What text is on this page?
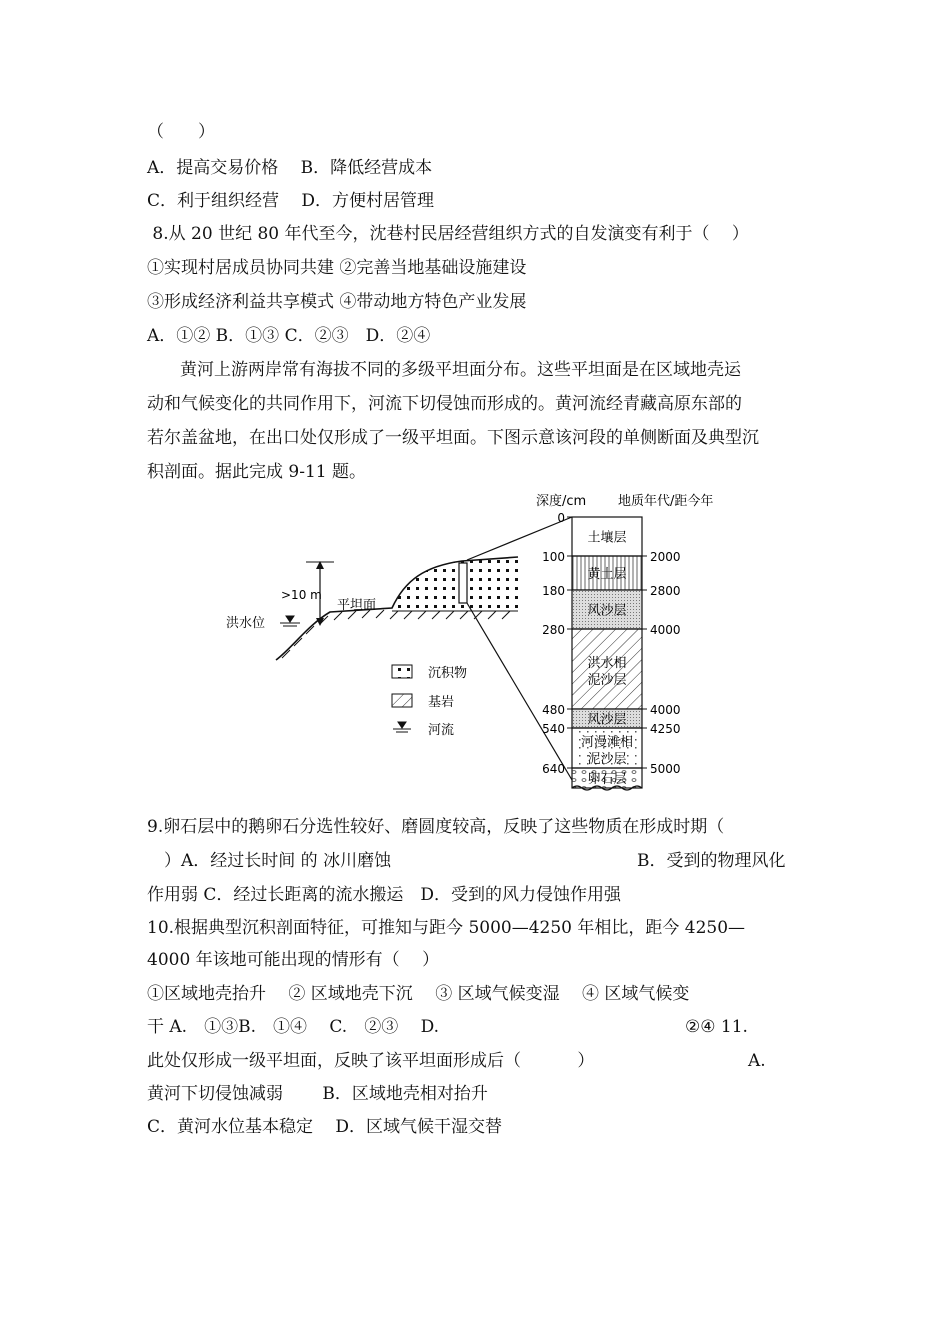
（　　）
A．提高交易价格　 B．降低经营成本
C．利于组织经营　 D．方便村居管理
8.从 20 世纪 80 年代至今，沈巷村民居经营组织方式的自发演变有利于（　 ）
①实现村居成员协同共建 ②完善当地基础设施建设
③形成经济利益共享模式 ④带动地方特色产业发展
A．①② B．①③ C．②③　D．②④
黄河上游两岸常有海拔不同的多级平坦面分布。这些平坦面是在区域地壳运
动和气候变化的共同作用下，河流下切侵蚀而形成的。黄河流经青藏高原东部的
若尔盖盆地，在出口处仅形成了一级平坦面。下图示意该河段的单侧断面及典型沉
积剖面。据此完成 9-11 题。
>10 m
平坦面
洪水位
沉积物
基岩
河流
深度/cm 地质年代/距今年
土壤层
黄土层
风沙层
洪水相
泥沙层
风沙层
河漫滩相
泥沙层
卵石层
0
100
180
280
480
540
640
2000
2800
4000
4000
4250
5000
9.卵石层中的鹅卵石分选性较好、磨圆度较高，反映了这些物质在形成时期（
　）A．经过长时间 的 冰川磨蚀	B．受到的物理风化
作用弱 C．经过长距离的流水搬运　D．受到的风力侵蚀作用强
10.根据典型沉积剖面特征，可推知与距今 5000—4250 年相比，距今 4250—
4000 年该地可能出现的情形有（　 ）
①区域地壳抬升　 ② 区域地壳下沉　 ③ 区域气候变湿　 ④ 区域气候变
干 A.　①③B.　①④　 C.　②③　 D.	②④ 11.
此处仅形成一级平坦面，反映了该平坦面形成后（　　　 ）	A.
黄河下切侵蚀减弱　　 B．区域地壳相对抬升
C．黄河水位基本稳定　 D．区域气候干湿交替
